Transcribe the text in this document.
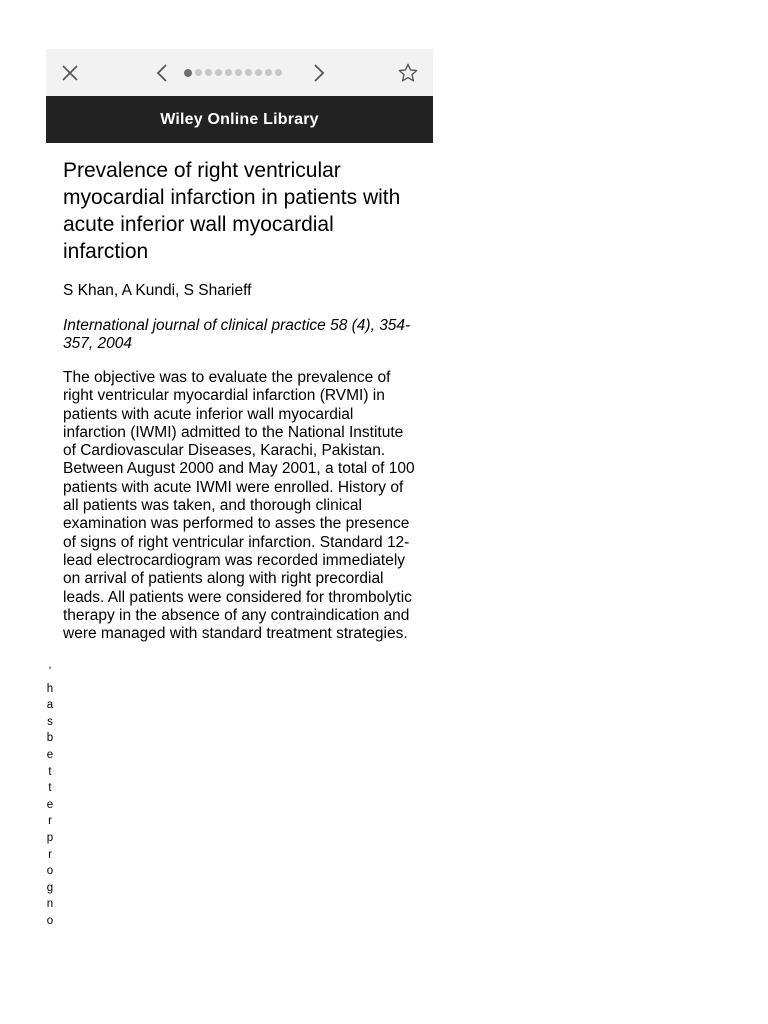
Wiley Online Library
Prevalence of right ventricular myocardial infarction in patients with acute inferior wall myocardial infarction

S Khan, A Kundi, S Sharieff

International journal of clinical practice 58 (4), 354-357, 2004

The objective was to evaluate the prevalence of right ventricular myocardial infarction (RVMI) in patients with acute inferior wall myocardial infarction (IWMI) admitted to the National Institute of Cardiovascular Diseases, Karachi, Pakistan. Between August 2000 and May 2001, a total of 100 patients with acute IWMI were enrolled. History of all patients was taken, and thorough clinical examination was performed to asses the presence of signs of right ventricular infarction. Standard 12-lead electrocardiogram was recorded immediately on arrival of patients along with right precordial leads. All patients were considered for thrombolytic therapy in the absence of any contraindication and were managed with standard treatment strategies.

'
h
a
s
b
e
t
t
e
r
p
r
o
g
n
o
